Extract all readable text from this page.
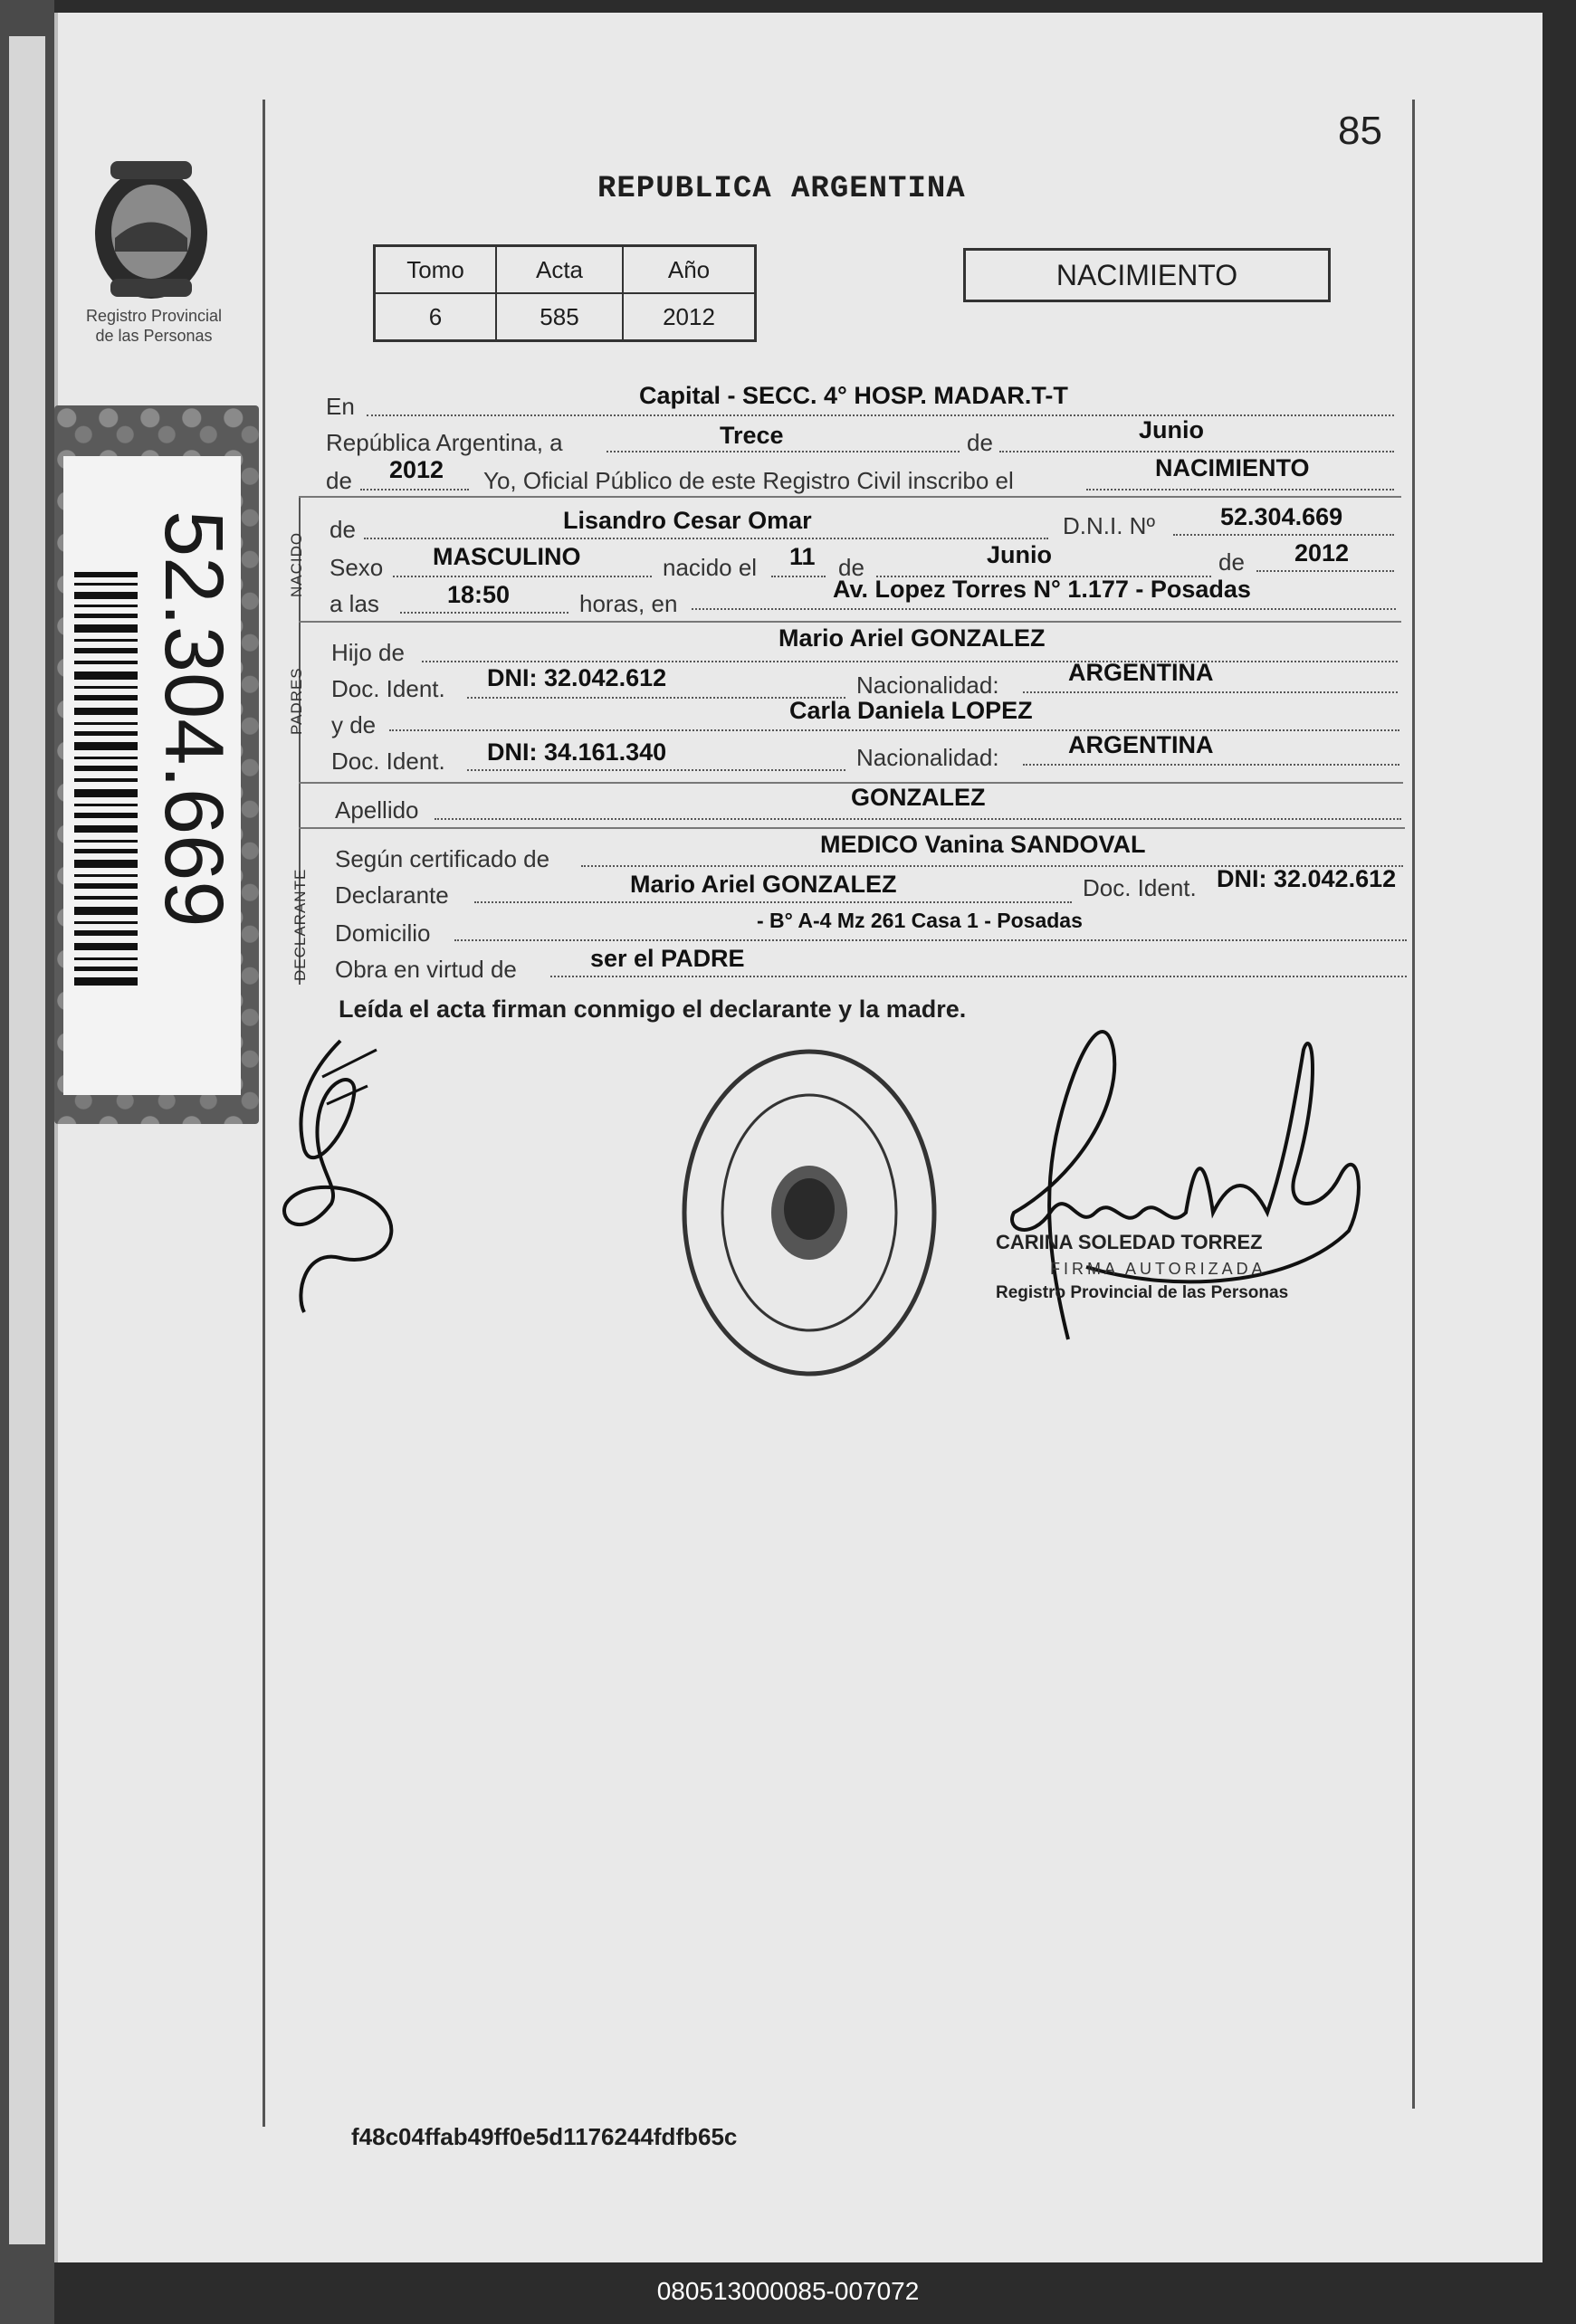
Registro Provincial
de las Personas
52.304.669
85
REPUBLICA ARGENTINA
Tomo	Acta	Año
6	585	2012
NACIMIENTO
En	Capital - SECC. 4° HOSP. MADAR.T-T
República Argentina, a	Trece	de	Junio
de 2012 Yo, Oficial Público de este Registro Civil inscribo el	NACIMIENTO
NACIDO
de	Lisandro Cesar Omar	D.N.I. Nº	52.304.669
Sexo MASCULINO	nacido el 11 de	Junio	de 2012
a las	18:50	horas, en
Av. Lopez Torres N° 1.177 - Posadas
PADRES
Hijo de
Mario Ariel GONZALEZ
Doc. Ident. DNI: 32.042.612	Nacionalidad:	ARGENTINA
y de
Carla Daniela LOPEZ
Doc. Ident. DNI: 34.161.340	Nacionalidad:	ARGENTINA
Apellido	GONZALEZ
DECLARANTE
Según certificado de
MEDICO Vanina SANDOVAL
Declarante	Mario Ariel GONZALEZ	Doc. Ident. DNI: 32.042.612
Domicilio	- B° A-4 Mz 261 Casa 1 - Posadas
Obra en virtud de	ser el PADRE
Leída el acta firman conmigo el declarante y la madre.
CARINA SOLEDAD TORREZ
FIRMA AUTORIZADA
Registro Provincial de las Personas
f48c04ffab49ff0e5d1176244fdfb65c
080513000085-007072
